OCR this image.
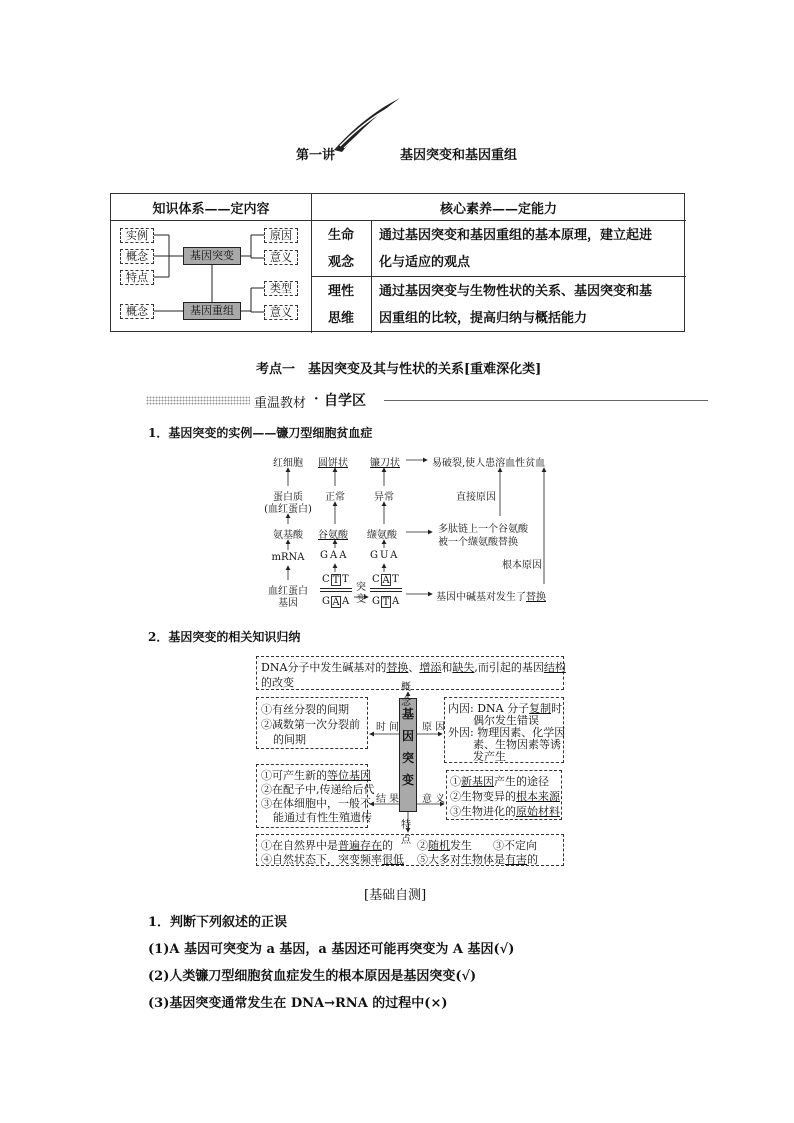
第一讲	基因突变和基因重组
知识体系——定内容	核心素养——定能力
实例
概念
特点
基因突变
原因
意义
基因重组
概念
类型
意义
生命
观念
通过基因突变和基因重组的基本原理，建立起进
化与适应的观点
理性
思维
通过基因突变与生物性状的关系、基因突变和基
因重组的比较，提高归纳与概括能力
考点一　基因突变及其与性状的关系[重难深化类]
重温教材 · 自学区
1．基因突变的实例——镰刀型细胞贫血症
红细胞
蛋白质
(血红蛋白)
氨基酸
mRNA
血红蛋白
基因
圆饼状
正常
谷氨酸
GAA
镰刀状
异常
缬氨酸
GUA
C T T
G A A
突变
C A T
G T A
易破裂,使人患溶血性贫血
直接原因
多肽链上一个谷氨酸
被一个缬氨酸替换
根本原因
基因中碱基对发生了替换
2．基因突变的相关知识归纳
DNA分子中发生碱基对的替换、增添和缺失,而引起的基因结构
的改变
①有丝分裂的间期
②减数第一次分裂前
的间期
内因: DNA 分子复制时
偶尔发生错误
外因: 物理因素、化学因
素、生物因素等诱
发产生
①可产生新的等位基因
②在配子中,传递给后代
③在体细胞中，一般不
能通过有性生殖遗传
①新基因产生的途径
②生物变异的根本来源
③生物进化的原始材料
基因突变
概念
时间 原因
结果 意义
特点
①在自然界中是普遍存在的 ②随机发生 ③不定向
④自然状态下，突变频率很低 ⑤大多对生物体是有害的
[基础自测]
1．判断下列叙述的正误
(1)A 基因可突变为 a 基因，a 基因还可能再突变为 A 基因(√)
(2)人类镰刀型细胞贫血症发生的根本原因是基因突变(√)
(3)基因突变通常发生在 DNA→RNA 的过程中(×)
